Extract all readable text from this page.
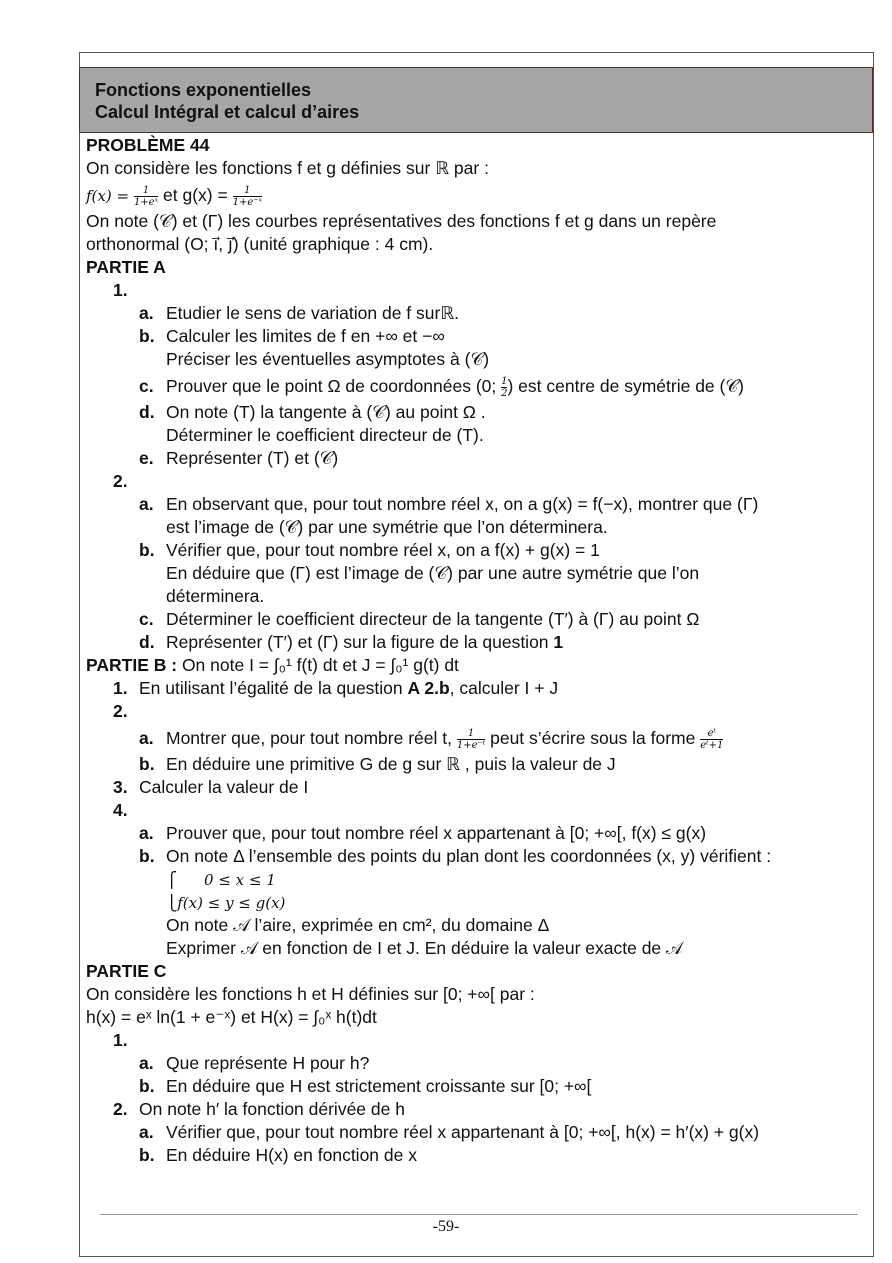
Fonctions exponentielles
Calcul Intégral et calcul d’aires
PROBLÈME 44
On considère les fonctions f et g définies sur ℝ par :
$f(x) = \frac{1}{\text{1+eˣ}}$ et $g(x) = \frac{1}{\text{1+e⁻ˣ}}$
On note (𝒞) et (Γ) les courbes représentatives des fonctions f et g dans un repère
orthonormal (O; i⃗, j⃗) (unité graphique : 4 cm).
PARTIE A
1.
a. Etudier le sens de variation de f surℝ.
b. Calculer les limites de f en +∞ et −∞
Préciser les éventuelles asymptotes à (𝒞)
c. Prouver que le point Ω de coordonnées (0; $\frac{1}{2}$ ) est centre de symétrie de (𝒞)
d. On note (T) la tangente à (𝒞) au point Ω .
Déterminer le coefficient directeur de (T).
e. Représenter (T) et (𝒞)
2.
a. En observant que, pour tout nombre réel x, on a g(x) = f(−x), montrer que (Γ)
est l’image de (𝒞) par une symétrie que l’on déterminera.
b. Vérifier que, pour tout nombre réel x, on a f(x) + g(x) = 1
En déduire que (Γ) est l’image de (𝒞) par une autre symétrie que l’on
déterminera.
c. Déterminer le coefficient directeur de la tangente (T′) à (Γ) au point Ω
d. Représenter (T′) et (Γ) sur la figure de la question 1
PARTIE B : On note I = ∫₀¹ f(t) dt et J = ∫₀¹ g(t) dt
1. En utilisant l’égalité de la question A 2.b, calculer I + J
2.
a. Montrer que, pour tout nombre réel t, $\frac{1}{\text{1+e⁻ᵗ}}$ peut s’écrire sous la forme $\frac{\text{eᵗ}}{\text{eᵗ+1}}$
b. En déduire une primitive G de g sur ℝ , puis la valeur de J
3. Calculer la valeur de I
4.
a. Prouver que, pour tout nombre réel x appartenant à [0; +∞[, f(x) ≤ g(x)
b. On note Δ l’ensemble des points du plan dont les coordonnées (x, y) vérifient :
⎧ 0 ≤ x ≤ 1
⎩f(x) ≤ y ≤ g(x)
On note 𝒜 l’aire, exprimée en cm², du domaine Δ
Exprimer 𝒜 en fonction de I et J. En déduire la valeur exacte de 𝒜
PARTIE C
On considère les fonctions h et H définies sur [0; +∞[ par :
h(x) = eˣ ln(1 + e⁻ˣ) et H(x) = ∫₀ˣ h(t)dt
1.
a. Que représente H pour h?
b. En déduire que H est strictement croissante sur [0; +∞[
2. On note h′ la fonction dérivée de h
a. Vérifier que, pour tout nombre réel x appartenant à [0; +∞[, h(x) = h′(x) + g(x)
b. En déduire H(x) en fonction de x
-59-
